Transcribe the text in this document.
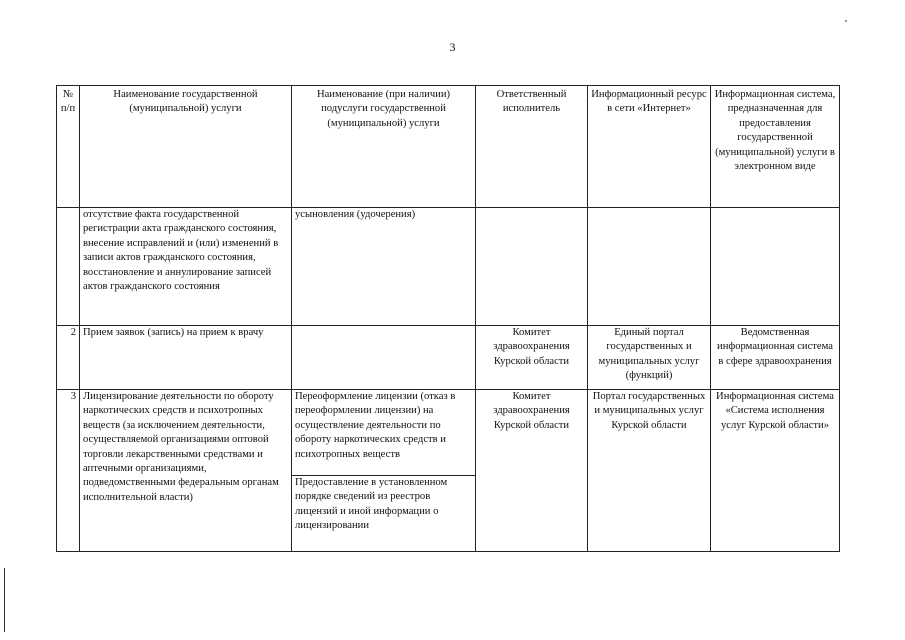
3
№ п/п	Наименование государственной (муниципальной) услуги	Наименование (при наличии) подуслуги государственной (муниципальной) услуги	Ответственный исполнитель	Информационный ресурс в сети «Интернет»	Информационная система, предназначенная для предоставления государственной (муниципальной) услуги в электронном виде
	отсутствие факта государственной регистрации акта гражданского состояния, внесение исправлений и (или) изменений в записи актов гражданского состояния, восстановление и аннулирование записей актов гражданского состояния	усыновления (удочерения)			
2	Прием заявок (запись) на прием к врачу		Комитет здравоохранения Курской области	Единый портал государственных и муниципальных услуг (функций)	Ведомственная информационная система в сфере здравоохранения
3	Лицензирование деятельности по обороту наркотических средств и психотропных веществ (за исключением деятельности, осуществляемой организациями оптовой торговли лекарственными средствами и аптечными организациями, подведомственными федеральным органам исполнительной власти)	Переоформление лицензии (отказ в переоформлении лицензии) на осуществление деятельности по обороту наркотических средств и психотропных веществ	Комитет здравоохранения Курской области	Портал государственных и муниципальных услуг Курской области	Информационная система «Система исполнения услуг Курской области»
		Предоставление в установленном порядке сведений из реестров лицензий и иной информации о лицензировании			
